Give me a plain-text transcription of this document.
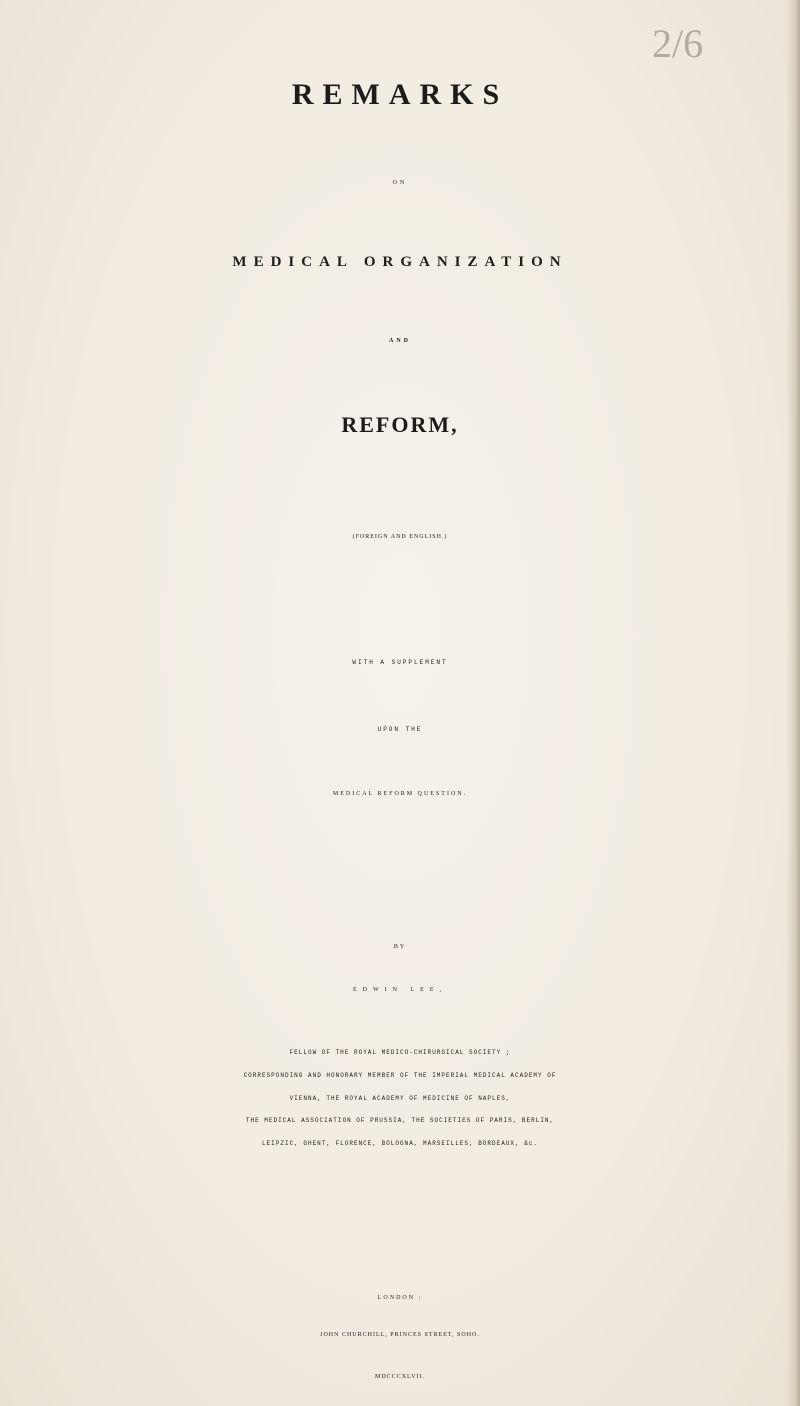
2/6
REMARKS
ON
MEDICAL ORGANIZATION
AND
REFORM,
(FOREIGN AND ENGLISH.)
WITH A SUPPLEMENT
UPON THE
MEDICAL REFORM QUESTION.
BY
EDWIN LEE,
FELLOW OF THE ROYAL MEDICO-CHIRURGICAL SOCIETY ;
CORRESPONDING AND HONORARY MEMBER OF THE IMPERIAL MEDICAL ACADEMY OF
VIENNA, THE ROYAL ACADEMY OF MEDICINE OF NAPLES,
THE MEDICAL ASSOCIATION OF PRUSSIA, THE SOCIETIES OF PARIS, BERLIN,
LEIPZIC, GHENT, FLORENCE, BOLOGNA, MARSEILLES, BORDEAUX, &c.
LONDON :
JOHN CHURCHILL, PRINCES STREET, SOHO.
MDCCCXLVII.
